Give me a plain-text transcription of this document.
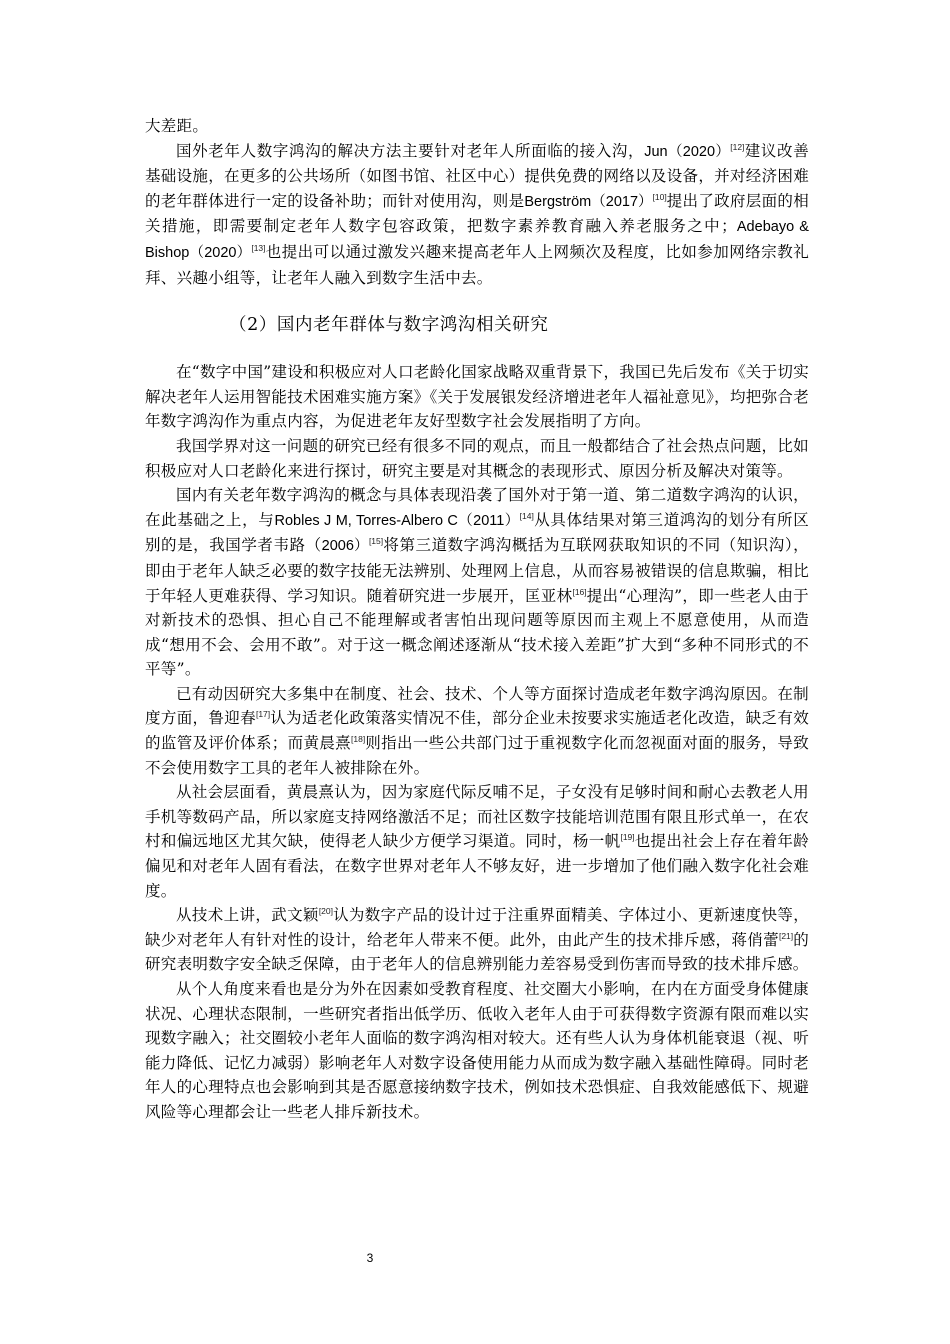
大差距。

国外老年人数字鸿沟的解决方法主要针对老年人所面临的接入沟，Jun（2020）[12]建议改善基础设施，在更多的公共场所（如图书馆、社区中心）提供免费的网络以及设备，并对经济困难的老年群体进行一定的设备补助；而针对使用沟，则是Bergström（2017）[10]提出了政府层面的相关措施，即需要制定老年人数字包容政策，把数字素养教育融入养老服务之中；Adebayo & Bishop（2020）[13]也提出可以通过激发兴趣来提高老年人上网频次及程度，比如参加网络宗教礼拜、兴趣小组等，让老年人融入到数字生活中去。

（2）国内老年群体与数字鸿沟相关研究

在“数字中国”建设和积极应对人口老龄化国家战略双重背景下，我国已先后发布《关于切实解决老年人运用智能技术困难实施方案》《关于发展银发经济增进老年人福祉意见》，均把弥合老年数字鸿沟作为重点内容，为促进老年友好型数字社会发展指明了方向。

我国学界对这一问题的研究已经有很多不同的观点，而且一般都结合了社会热点问题，比如积极应对人口老龄化来进行探讨，研究主要是对其概念的表现形式、原因分析及解决对策等。

国内有关老年数字鸿沟的概念与具体表现沿袭了国外对于第一道、第二道数字鸿沟的认识，在此基础之上，与Robles J M, Torres-Albero C（2011）[14]从具体结果对第三道鸿沟的划分有所区别的是，我国学者韦路（2006）[15]将第三道数字鸿沟概括为互联网获取知识的不同（知识沟），即由于老年人缺乏必要的数字技能无法辨别、处理网上信息，从而容易被错误的信息欺骗，相比于年轻人更难获得、学习知识。随着研究进一步展开，匡亚林[16]提出“心理沟”，即一些老人由于对新技术的恐惧、担心自己不能理解或者害怕出现问题等原因而主观上不愿意使用，从而造成“想用不会、会用不敢”。对于这一概念阐述逐渐从“技术接入差距”扩大到“多种不同形式的不平等”。

已有动因研究大多集中在制度、社会、技术、个人等方面探讨造成老年数字鸿沟原因。在制度方面，鲁迎春[17]认为适老化政策落实情况不佳，部分企业未按要求实施适老化改造，缺乏有效的监管及评价体系；而黄晨熹[18]则指出一些公共部门过于重视数字化而忽视面对面的服务，导致不会使用数字工具的老年人被排除在外。

从社会层面看，黄晨熹认为，因为家庭代际反哺不足，子女没有足够时间和耐心去教老人用手机等数码产品，所以家庭支持网络激活不足；而社区数字技能培训范围有限且形式单一，在农村和偏远地区尤其欠缺，使得老人缺少方便学习渠道。同时，杨一帆[19]也提出社会上存在着年龄偏见和对老年人固有看法，在数字世界对老年人不够友好，进一步增加了他们融入数字化社会难度。

从技术上讲，武文颖[20]认为数字产品的设计过于注重界面精美、字体过小、更新速度快等，缺少对老年人有针对性的设计，给老年人带来不便。此外，由此产生的技术排斥感，蒋俏蕾[21]的研究表明数字安全缺乏保障，由于老年人的信息辨别能力差容易受到伤害而导致的技术排斥感。

从个人角度来看也是分为外在因素如受教育程度、社交圈大小影响，在内在方面受身体健康状况、心理状态限制，一些研究者指出低学历、低收入老年人由于可获得数字资源有限而难以实现数字融入；社交圈较小老年人面临的数字鸿沟相对较大。还有些人认为身体机能衰退（视、听能力降低、记忆力减弱）影响老年人对数字设备使用能力从而成为数字融入基础性障碍。同时老年人的心理特点也会影响到其是否愿意接纳数字技术，例如技术恐惧症、自我效能感低下、规避风险等心理都会让一些老人排斥新技术。

3
